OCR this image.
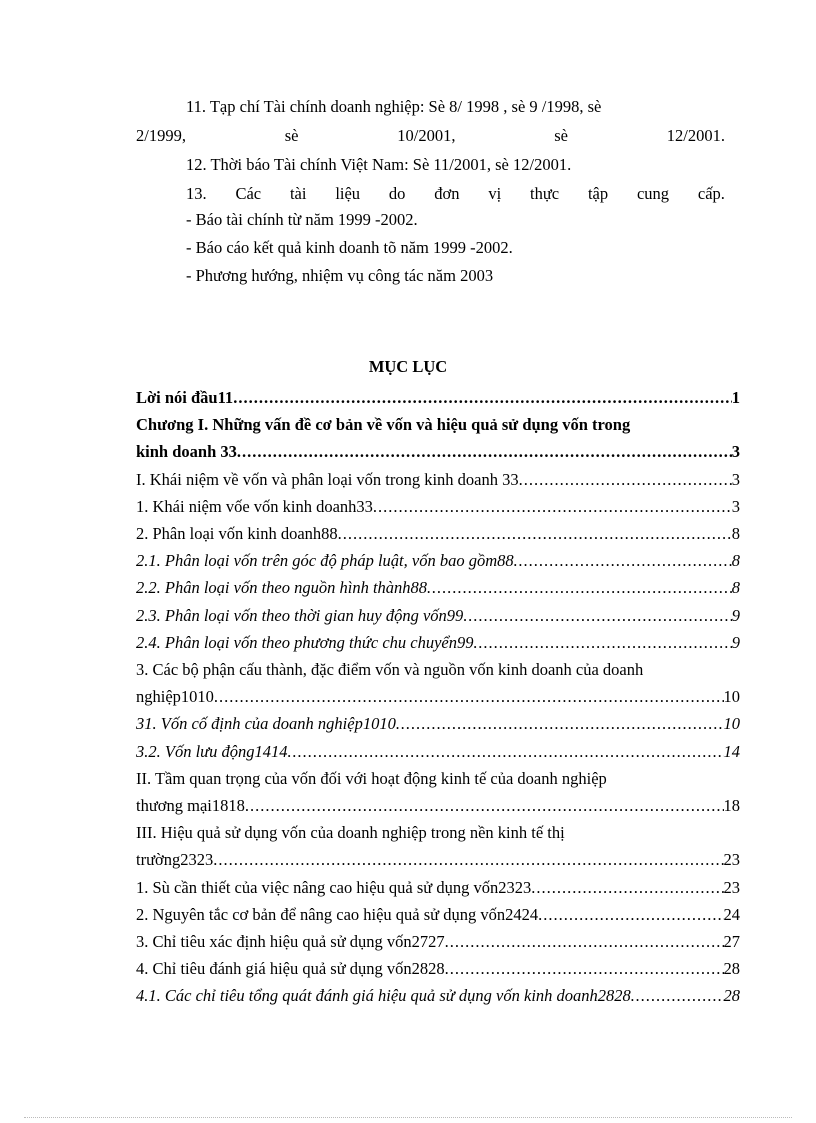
11. Tạp chí Tài chính doanh nghiệp: Sè 8/ 1998 , sè 9 /1998, sè
2/1999,	sè	10/2001,	sè	12/2001.
12. Thời báo Tài chính Việt Nam: Sè 11/2001, sè 12/2001.
13. Các tài liệu do đơn vị thực tập cung cấp.
- Báo tài chính từ năm 1999 -2002.
- Báo cáo kết quả kinh doanh tõ năm 1999 -2002.
- Phương hướng, nhiệm vụ công tác năm 2003
MỤC LỤC
Lời nói đầu11 .....	1
Chương I. Những vấn đề cơ bản về vốn và hiệu quả sử dụng vốn trong
kinh doanh 33 .....	3
I. Khái niệm về vốn và phân loại vốn trong kinh doanh 33 .....	3
1. Khái niệm vốe vốn kinh doanh33 .....	3
2. Phân loại vốn kinh doanh88 .....	8
2.1. Phân loại vốn trên góc độ pháp luật, vốn bao gồm88 .....	8
2.2. Phân loại vốn theo nguồn hình thành88 .....	8
2.3. Phân loại vốn theo thời gian huy động vốn99 .....	9
2.4. Phân loại vốn theo phương thức chu chuyển99 .....	9
3. Các bộ phận cấu thành, đặc điểm vốn và nguồn vốn kinh doanh của doanh
nghiệp1010 .....	10
31. Vốn cố định của doanh nghiệp1010 .....	10
3.2. Vốn lưu động1414 .....	14
II. Tầm quan trọng của vốn đối với hoạt động kinh tế của doanh nghiệp
thương mại1818 .....	18
III. Hiệu quả sử dụng vốn của doanh nghiệp trong nền kinh tế thị
trường2323 .....	23
1. Sù cần thiết của việc nâng cao hiệu quả sử dụng vốn2323 .....	23
2. Nguyên tắc cơ bản để nâng cao hiệu quả sử dụng vốn2424 .....	24
3. Chỉ tiêu xác định hiệu quả sử dụng vốn2727 .....	27
4. Chỉ tiêu đánh giá hiệu quả sử dụng vốn2828 .....	28
4.1. Các chỉ tiêu tổng quát đánh giá hiệu quả sử dụng vốn kinh doanh2828 .....	28
